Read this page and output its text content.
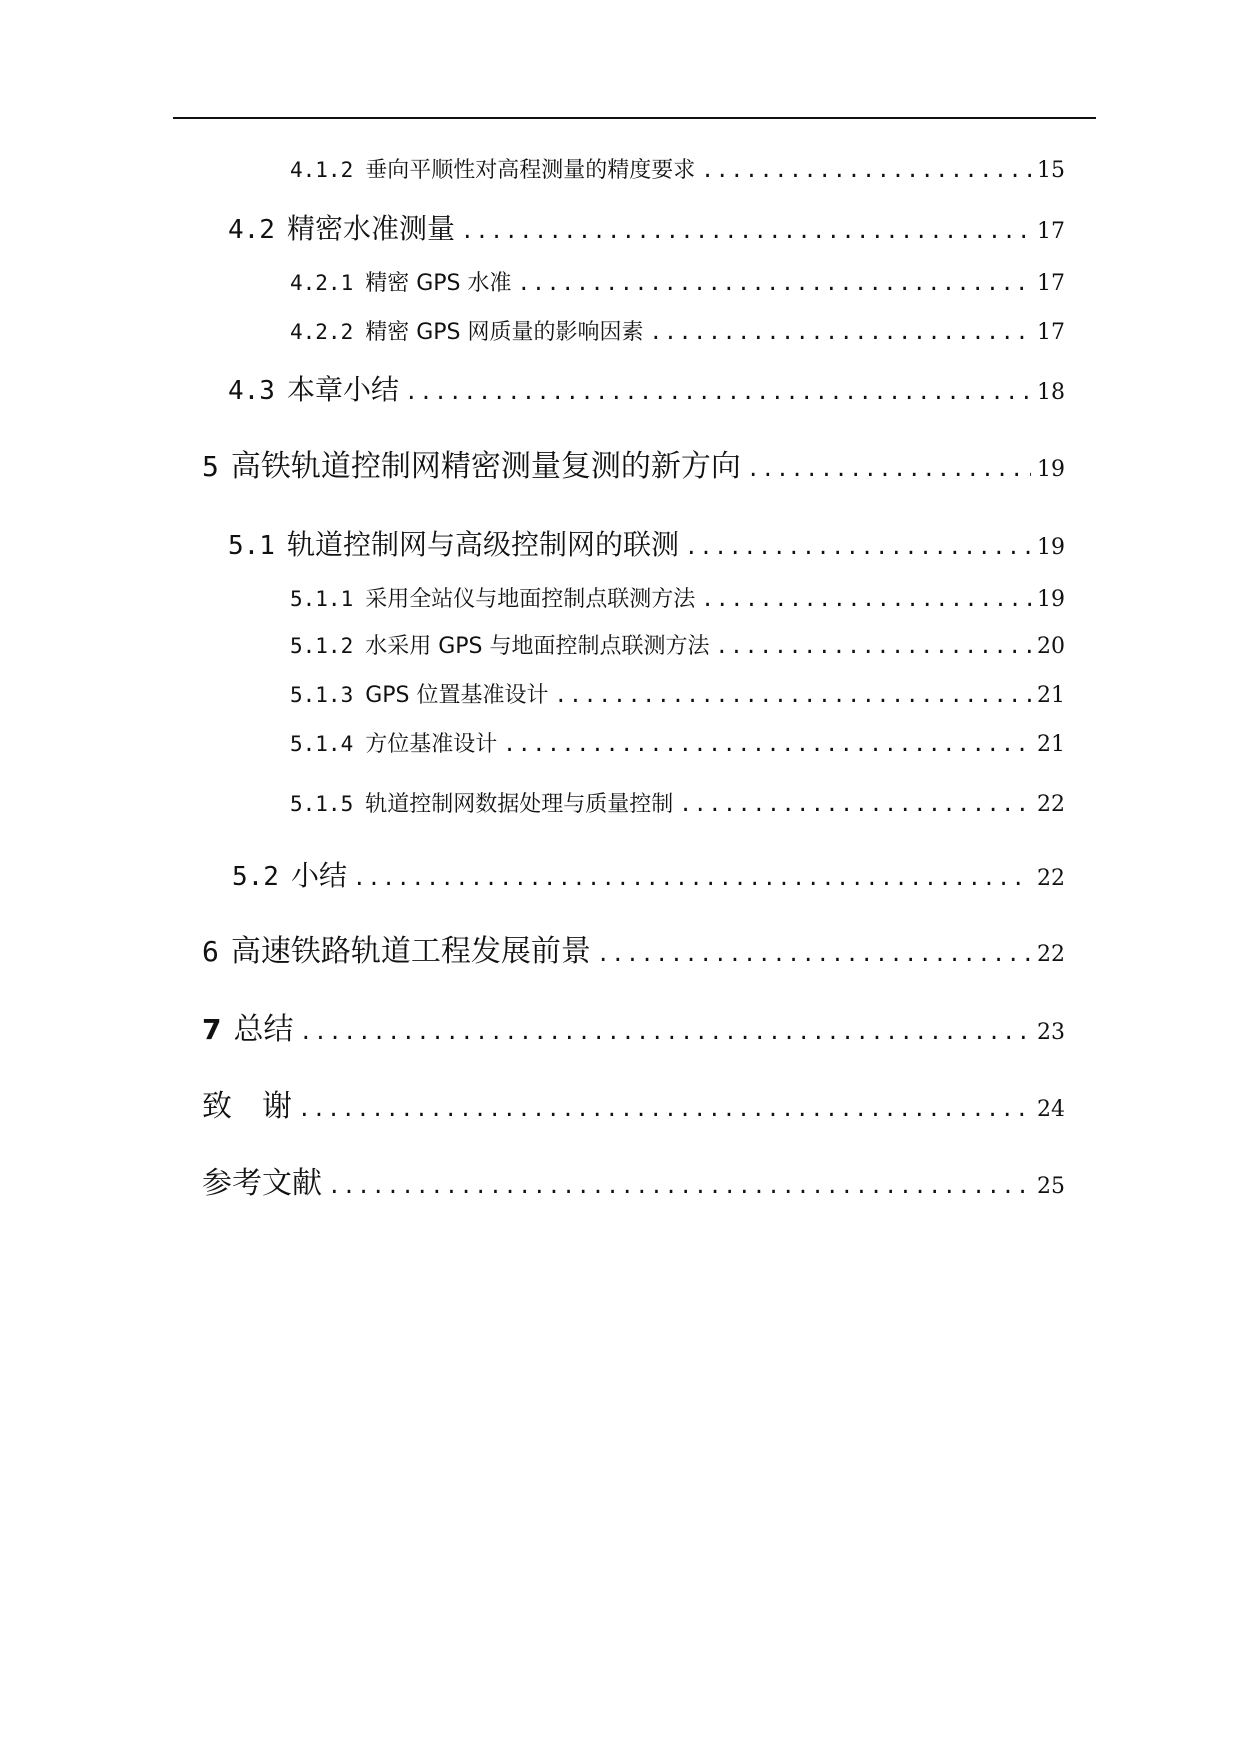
4.1.2 垂向平顺性对高程测量的精度要求 .....	15
4.2 精密水准测量 .....	17
4.2.1 精密 GPS 水准 .....	17
4.2.2 精密 GPS 网质量的影响因素 .....	17
4.3 本章小结 .....	18
5 高铁轨道控制网精密测量复测的新方向 .....	19
5.1 轨道控制网与高级控制网的联测 .....	19
5.1.1 采用全站仪与地面控制点联测方法 .....	19
5.1.2 水采用 GPS 与地面控制点联测方法 .....	20
5.1.3 GPS 位置基准设计 .....	21
5.1.4 方位基准设计 .....	21
5.1.5 轨道控制网数据处理与质量控制 .....	22
5.2 小结 .....	22
6 高速铁路轨道工程发展前景 .....	22
7 总结 .....	23
致　谢 .....	24
参考文献 .....	25
